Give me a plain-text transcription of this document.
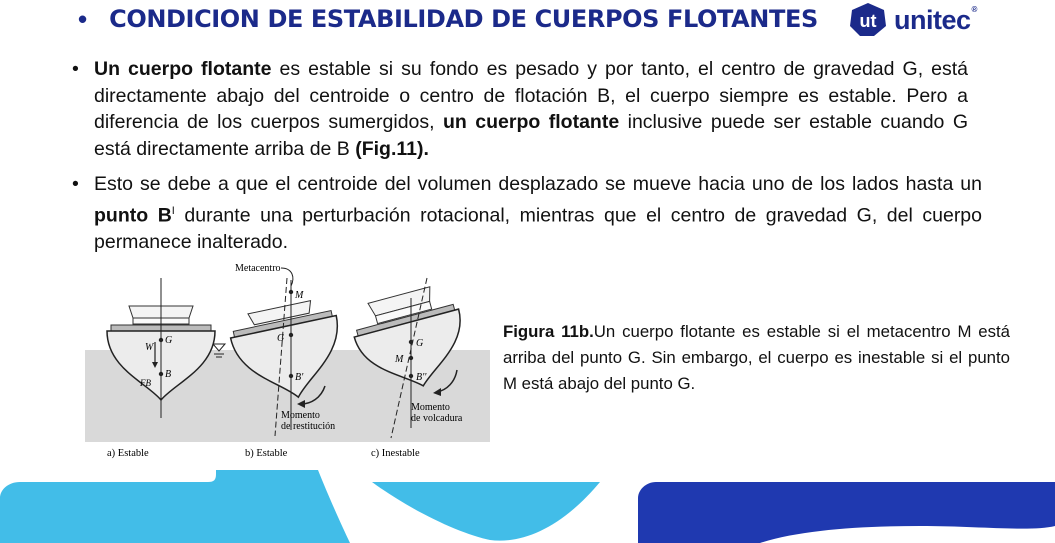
• CONDICION DE ESTABILIDAD DE CUERPOS FLOTANTES ut unitec®
• Un cuerpo flotante es estable si su fondo es pesado y por tanto, el centro de gravedad G, está directamente abajo del centroide o centro de flotación B, el cuerpo siempre es estable. Pero a diferencia de los cuerpos sumergidos, un cuerpo flotante inclusive puede ser estable cuando G está directamente arriba de B (Fig.11).
• Esto se debe a que el centroide del volumen desplazado se mueve hacia uno de los lados hasta un punto $B^I$ durante una perturbación rotacional, mientras que el centro de gravedad G, del cuerpo permanece inalterado.
W
G
B
FB
M
G
B'
Metacentro
Momento
de restitución
M
G
B''
Momento
de volcadura
a) Estable	b) Estable	c) Inestable
Figura 11b.Un cuerpo flotante es estable si el metacentro M está arriba del punto G. Sin embargo, el cuerpo es inestable si el punto M está abajo del punto G.
